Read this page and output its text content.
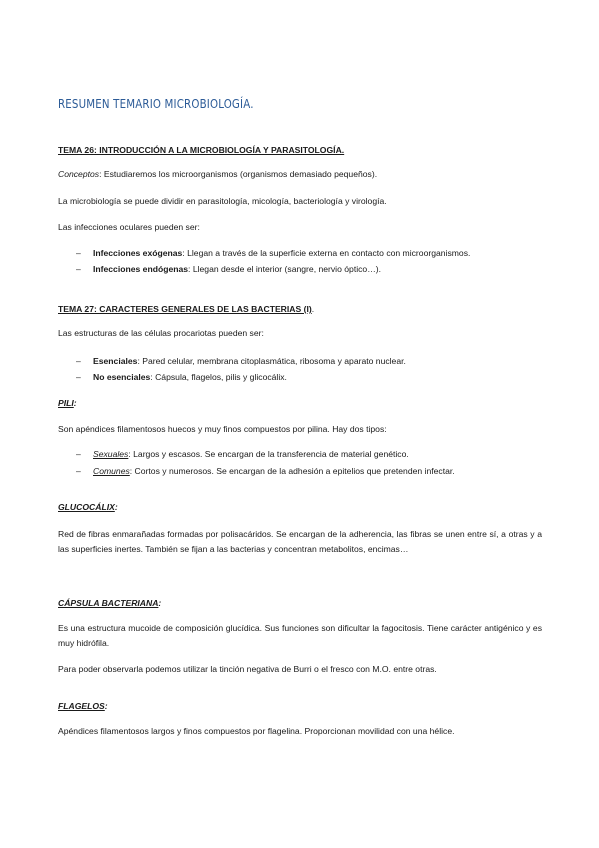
RESUMEN TEMARIO MICROBIOLOGÍA.
TEMA 26: INTRODUCCIÓN A LA MICROBIOLOGÍA Y PARASITOLOGÍA.
Conceptos: Estudiaremos los microorganismos (organismos demasiado pequeños).
La microbiología se puede dividir en parasitología, micología, bacteriología y virología.
Las infecciones oculares pueden ser:
– Infecciones exógenas: Llegan a través de la superficie externa en contacto con microorganismos.
– Infecciones endógenas: Llegan desde el interior (sangre, nervio óptico…).
TEMA 27: CARACTERES GENERALES DE LAS BACTERIAS (I).
Las estructuras de las células procariotas pueden ser:
– Esenciales: Pared celular, membrana citoplasmática, ribosoma y aparato nuclear.
– No esenciales: Cápsula, flagelos, pilis y glicocálix.
PILI:
Son apéndices filamentosos huecos y muy finos compuestos por pilina. Hay dos tipos:
– Sexuales: Largos y escasos. Se encargan de la transferencia de material genético.
– Comunes: Cortos y numerosos. Se encargan de la adhesión a epitelios que pretenden infectar.
GLUCOCÁLIX:
Red de fibras enmarañadas formadas por polisacáridos. Se encargan de la adherencia, las fibras se unen entre sí, a otras y a las superficies inertes. También se fijan a las bacterias y concentran metabolitos, encimas…
CÁPSULA BACTERIANA:
Es una estructura mucoide de composición glucídica. Sus funciones son dificultar la fagocitosis. Tiene carácter antigénico y es muy hidrófila.
Para poder observarla podemos utilizar la tinción negativa de Burri o el fresco con M.O. entre otras.
FLAGELOS:
Apéndices filamentosos largos y finos compuestos por flagelina. Proporcionan movilidad con una hélice.
